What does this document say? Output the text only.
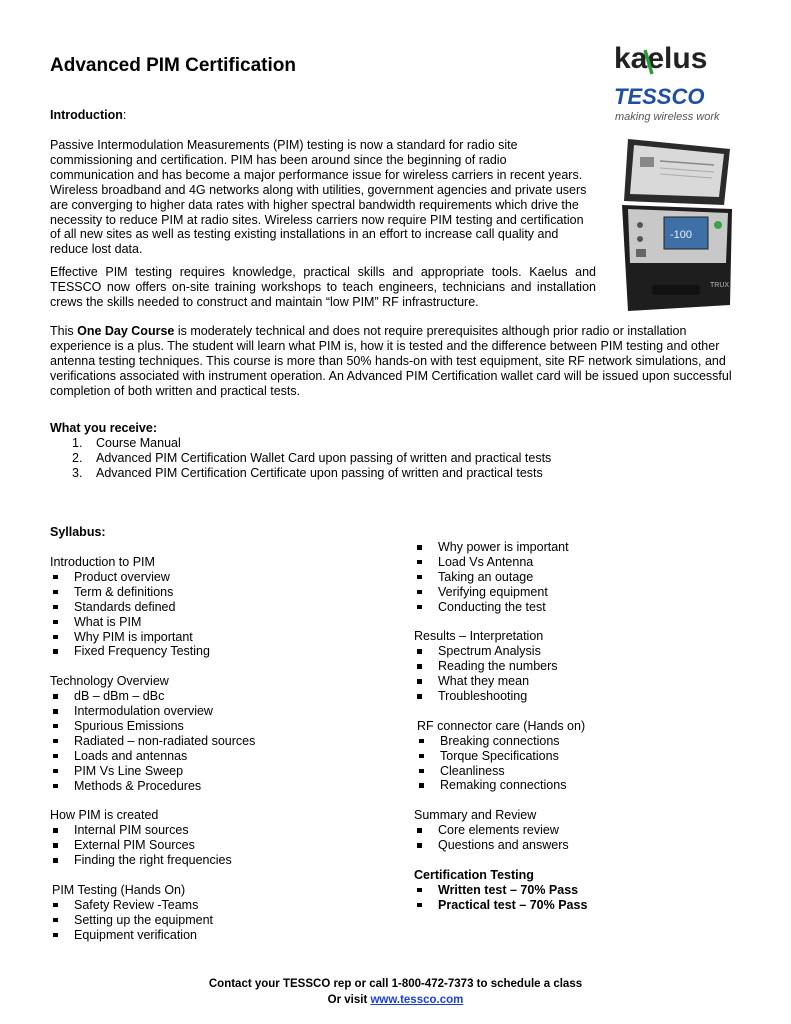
Advanced PIM Certification
Introduction:

Passive Intermodulation Measurements (PIM) testing is now a standard for radio site commissioning and certification. PIM has been around since the beginning of radio communication and has become a major performance issue for wireless carriers in recent years. Wireless broadband and 4G networks along with utilities, government agencies and private users are converging to higher data rates with higher spectral bandwidth requirements which drive the necessity to reduce PIM at radio sites. Wireless carriers now require PIM testing and certification of all new sites as well as testing existing installations in an effort to increase call quality and reduce lost data.

Effective PIM testing requires knowledge, practical skills and appropriate tools. Kaelus and TESSCO now offers on-site training workshops to teach engineers, technicians and installation crews the skills needed to construct and maintain “low PIM” RF infrastructure.

This One Day Course is moderately technical and does not require prerequisites although prior radio or installation experience is a plus. The student will learn what PIM is, how it is tested and the difference between PIM testing and other antenna testing techniques. This course is more than 50% hands-on with test equipment, site RF network simulations, and verifications associated with instrument operation. An Advanced PIM Certification wallet card will be issued upon successful completion of both written and practical tests.

What you receive:
1. Course Manual
2. Advanced PIM Certification Wallet Card upon passing of written and practical tests
3. Advanced PIM Certification Certificate upon passing of written and practical tests
Syllabus:
Introduction to PIM
Product overview
Term & definitions
Standards defined
What is PIM
Why PIM is important
Fixed Frequency Testing
Technology Overview
dB – dBm – dBc
Intermodulation overview
Spurious Emissions
Radiated – non-radiated sources
Loads and antennas
PIM Vs Line Sweep
Methods & Procedures
How PIM is created
Internal PIM sources
External PIM Sources
Finding the right frequencies
PIM Testing (Hands On)
Safety Review -Teams
Setting up the equipment
Equipment verification
Why power is important
Load Vs Antenna
Taking an outage
Verifying equipment
Conducting the test
Results – Interpretation
Spectrum Analysis
Reading the numbers
What they mean
Troubleshooting
RF connector care (Hands on)
Breaking connections
Torque Specifications
Cleanliness
Remaking connections
Summary and Review
Core elements review
Questions and answers
Certification Testing
Written test – 70% Pass
Practical test – 70% Pass
kaelus
TESSCO
making wireless work
-100
TRUX
Contact your TESSCO rep or call 1-800-472-7373 to schedule a class
Or visit www.tessco.com
